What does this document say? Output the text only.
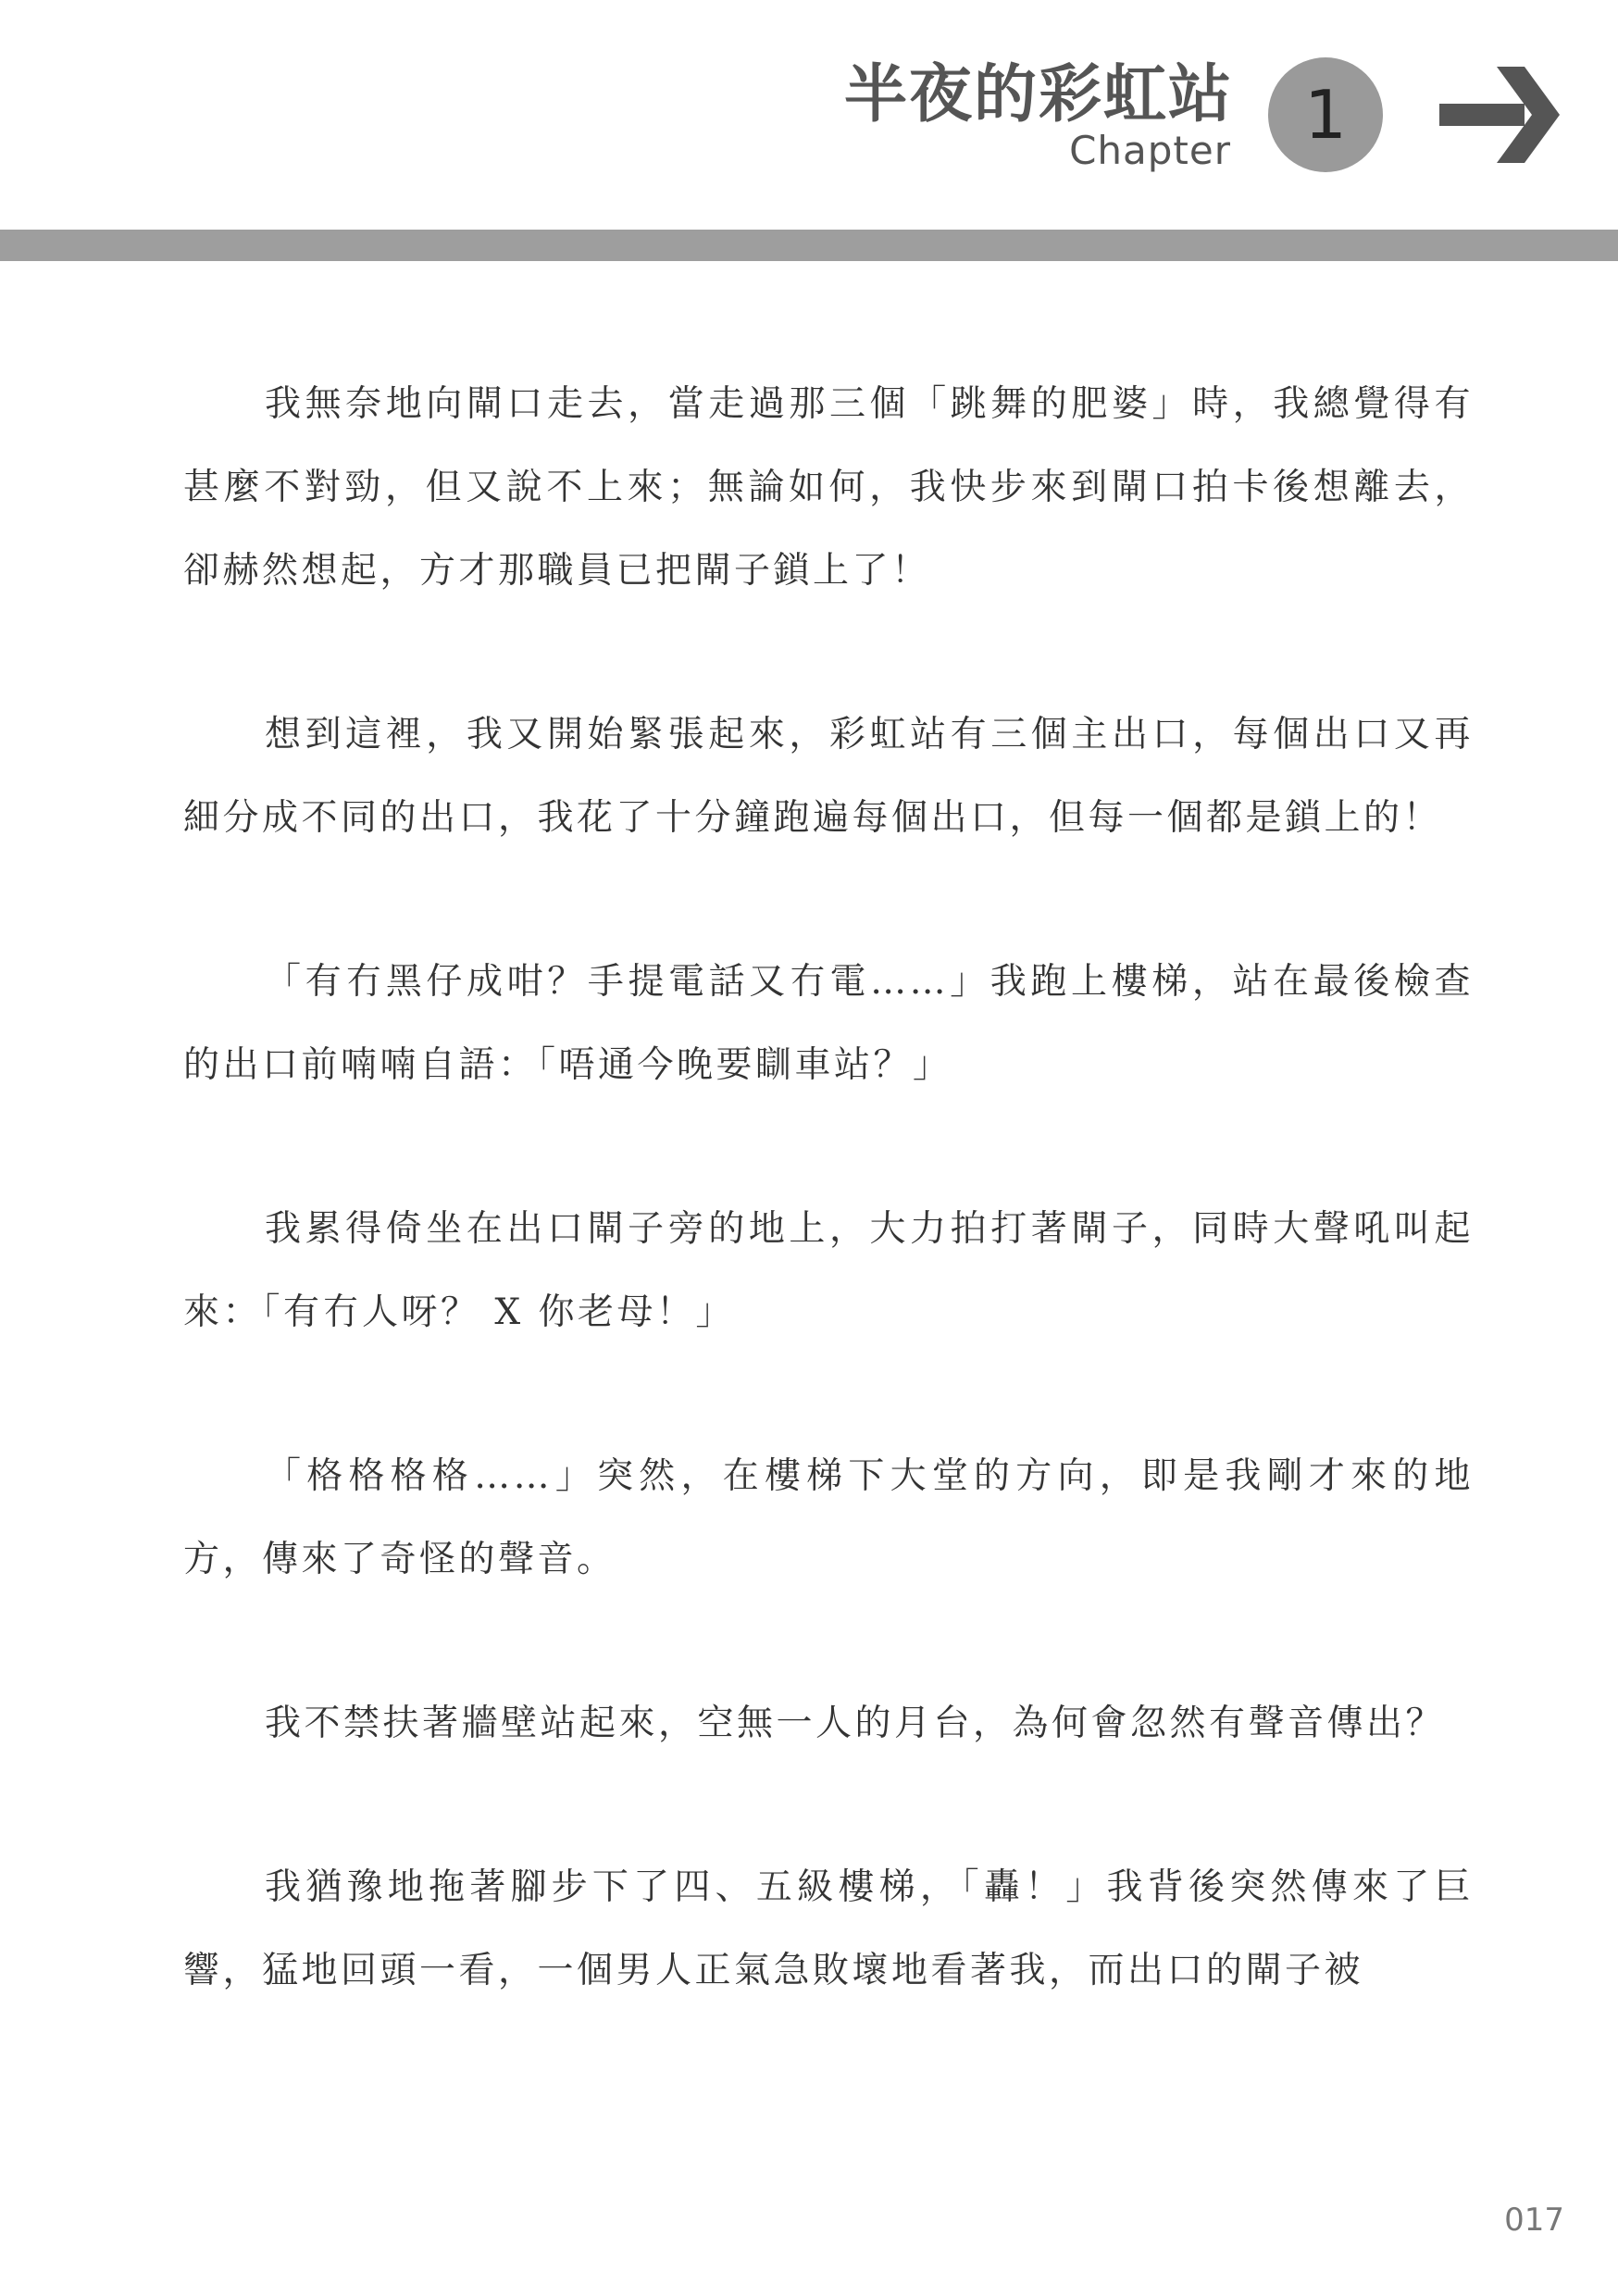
半夜的彩虹站
Chapter	1

我無奈地向閘口走去，當走過那三個「跳舞的肥婆」時，我總覺得有甚麼不對勁，但又說不上來；無論如何，我快步來到閘口拍卡後想離去，卻赫然想起，方才那職員已把閘子鎖上了！

想到這裡，我又開始緊張起來，彩虹站有三個主出口，每個出口又再細分成不同的出口，我花了十分鐘跑遍每個出口，但每一個都是鎖上的！

「有冇黑仔成咁？手提電話又冇電……」我跑上樓梯，站在最後檢查的出口前喃喃自語：「唔通今晚要瞓車站？」

我累得倚坐在出口閘子旁的地上，大力拍打著閘子，同時大聲吼叫起來：「有冇人呀？ X 你老母！」

「格格格格……」突然，在樓梯下大堂的方向，即是我剛才來的地方，傳來了奇怪的聲音。

我不禁扶著牆壁站起來，空無一人的月台，為何會忽然有聲音傳出？

我猶豫地拖著腳步下了四、五級樓梯，「轟！」我背後突然傳來了巨響，猛地回頭一看，一個男人正氣急敗壞地看著我，而出口的閘子被

017
